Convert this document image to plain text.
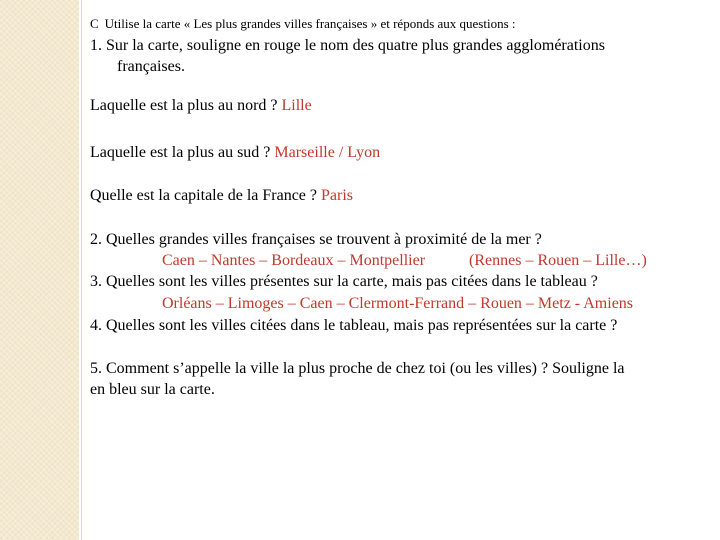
C Utilise la carte « Les plus grandes villes françaises » et réponds aux questions :
1. Sur la carte, souligne en rouge le nom des quatre plus grandes agglomérations
françaises.
Laquelle est la plus au nord ? Lille
Laquelle est la plus au sud ? Marseille / Lyon
Quelle est la capitale de la France ? Paris
2. Quelles grandes villes françaises se trouvent à proximité de la mer ?
Caen – Nantes – Bordeaux – Montpellier	(Rennes – Rouen – Lille…)
3. Quelles sont les villes présentes sur la carte, mais pas citées dans le tableau ?
Orléans – Limoges – Caen – Clermont-Ferrand – Rouen – Metz - Amiens
4. Quelles sont les villes citées dans le tableau, mais pas représentées sur la carte ?
5. Comment s’appelle la ville la plus proche de chez toi (ou les villes) ? Souligne la
en bleu sur la carte.
